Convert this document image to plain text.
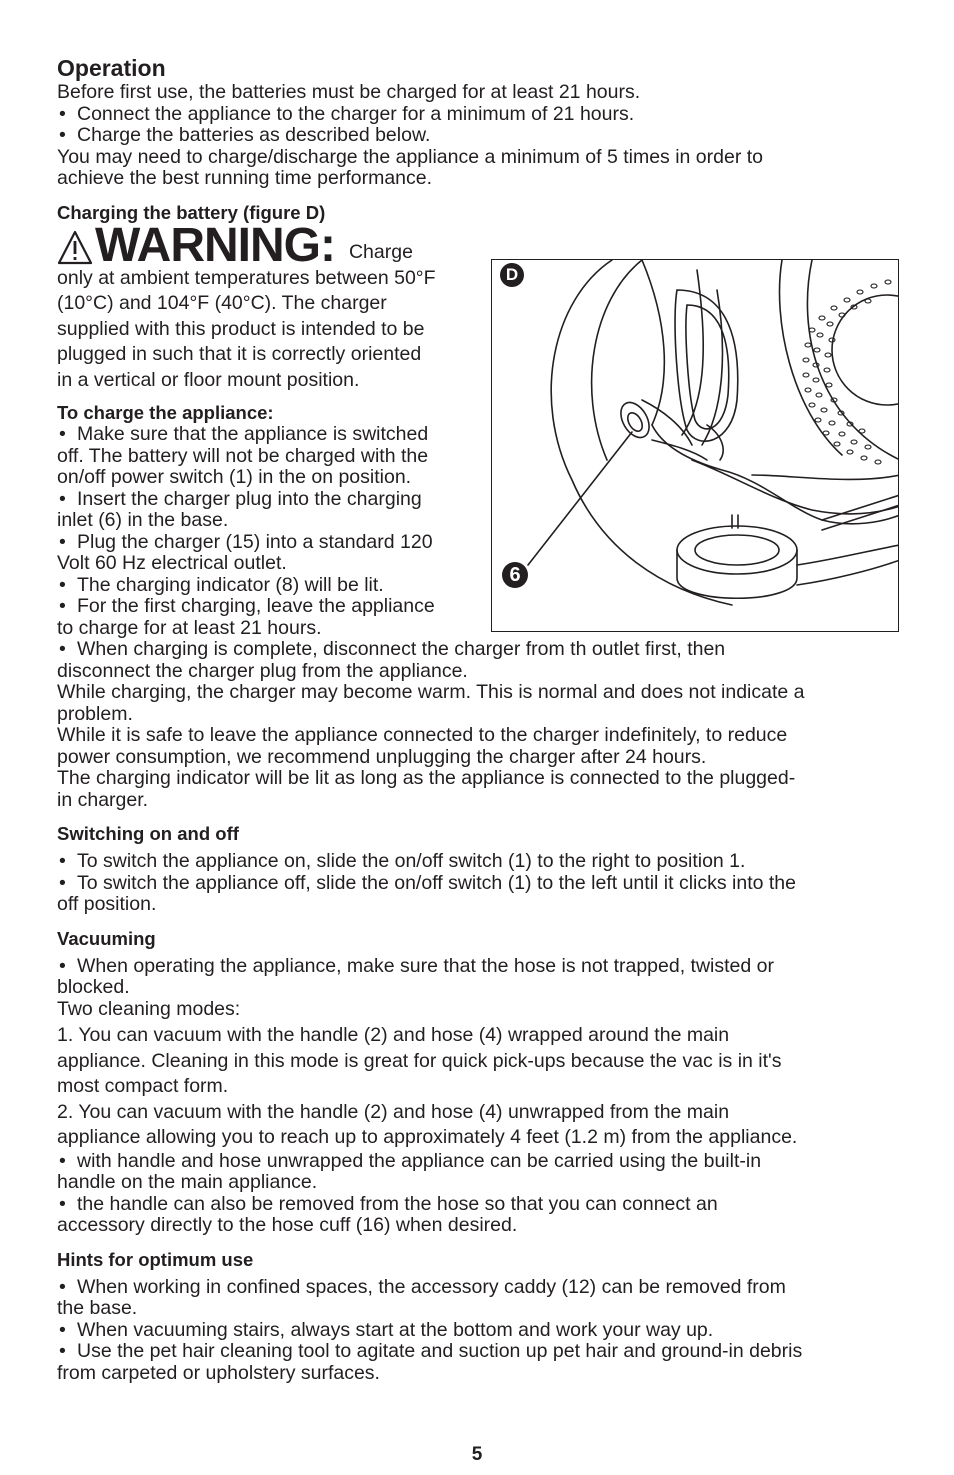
Operation

Before first use, the batteries must be charged for at least 21 hours.

• Connect the appliance to the charger for a minimum of 21 hours.

• Charge the batteries as described below.

You may need to charge/discharge the appliance a minimum of 5 times in order to

achieve the best running time performance.

Charging the battery (figure D)
WARNING: Charge

only at ambient temperatures between 50°F

(10°C) and 104°F (40°C). The charger

supplied with this product is intended to be

plugged in such that it is correctly oriented

in a vertical or floor mount position.

To charge the appliance:

• Make sure that the appliance is switched

off. The battery will not be charged with the

on/off power switch (1) in the on position.

• Insert the charger plug into the charging

inlet (6) in the base.

• Plug the charger (15) into a standard 120

Volt 60 Hz electrical outlet.

• The charging indicator (8) will be lit.

• For the first charging, leave the appliance

to charge for at least 21 hours.

• When charging is complete, disconnect the charger from th outlet first, then

disconnect the charger plug from the appliance.

While charging, the charger may become warm. This is normal and does not indicate a

problem.

While it is safe to leave the appliance connected to the charger indefinitely, to reduce

power consumption, we recommend unplugging the charger after 24 hours.

The charging indicator will be lit as long as the appliance is connected to the plugged-

in charger.

Switching on and off

• To switch the appliance on, slide the on/off switch (1) to the right to position 1.

• To switch the appliance off, slide the on/off switch (1) to the left until it clicks into the

off position.

Vacuuming

• When operating the appliance, make sure that the hose is not trapped, twisted or

blocked.

Two cleaning modes:

1. You can vacuum with the handle (2) and hose (4) wrapped around the main

appliance. Cleaning in this mode is great for quick pick-ups because the vac is in it's

most compact form.

2. You can vacuum with the handle (2) and hose (4) unwrapped from the main

appliance allowing you to reach up to approximately 4 feet (1.2 m) from the appliance.

• with handle and hose unwrapped the appliance can be carried using the built-in

handle on the main appliance.

• the handle can also be removed from the hose so that you can connect an

accessory directly to the hose cuff (16) when desired.

Hints for optimum use

• When working in confined spaces, the accessory caddy (12) can be removed from

the base.

• When vacuuming stairs, always start at the bottom and work your way up.

• Use the pet hair cleaning tool to agitate and suction up pet hair and ground-in debris

from carpeted or upholstery surfaces.

D
6
5
